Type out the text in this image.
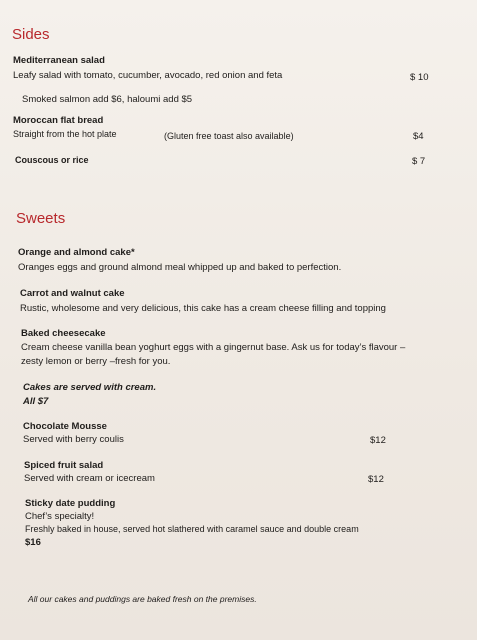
Sides
Mediterranean salad
Leafy salad with tomato, cucumber, avocado, red onion and feta	$ 10
Smoked salmon add $6, haloumi add $5
Moroccan flat bread
Straight from the hot plate	(Gluten free toast also available)	$4
Couscous or rice	$ 7
Sweets
Orange and almond cake*
Oranges eggs and ground almond meal whipped up and baked to perfection.
Carrot and walnut cake
Rustic, wholesome and very delicious, this cake has a cream cheese filling and topping
Baked cheesecake
Cream cheese vanilla bean yoghurt eggs with a gingernut base. Ask us for today’s flavour –
zesty lemon or berry –fresh for you.
Cakes are served with cream.
All $7
Chocolate Mousse
Served with berry coulis	$12
Spiced fruit salad
Served with cream or icecream	$12
Sticky date pudding
Chef’s specialty!
Freshly baked in house, served hot slathered with caramel sauce and double cream
$16
All our cakes and puddings are baked fresh on the premises.
